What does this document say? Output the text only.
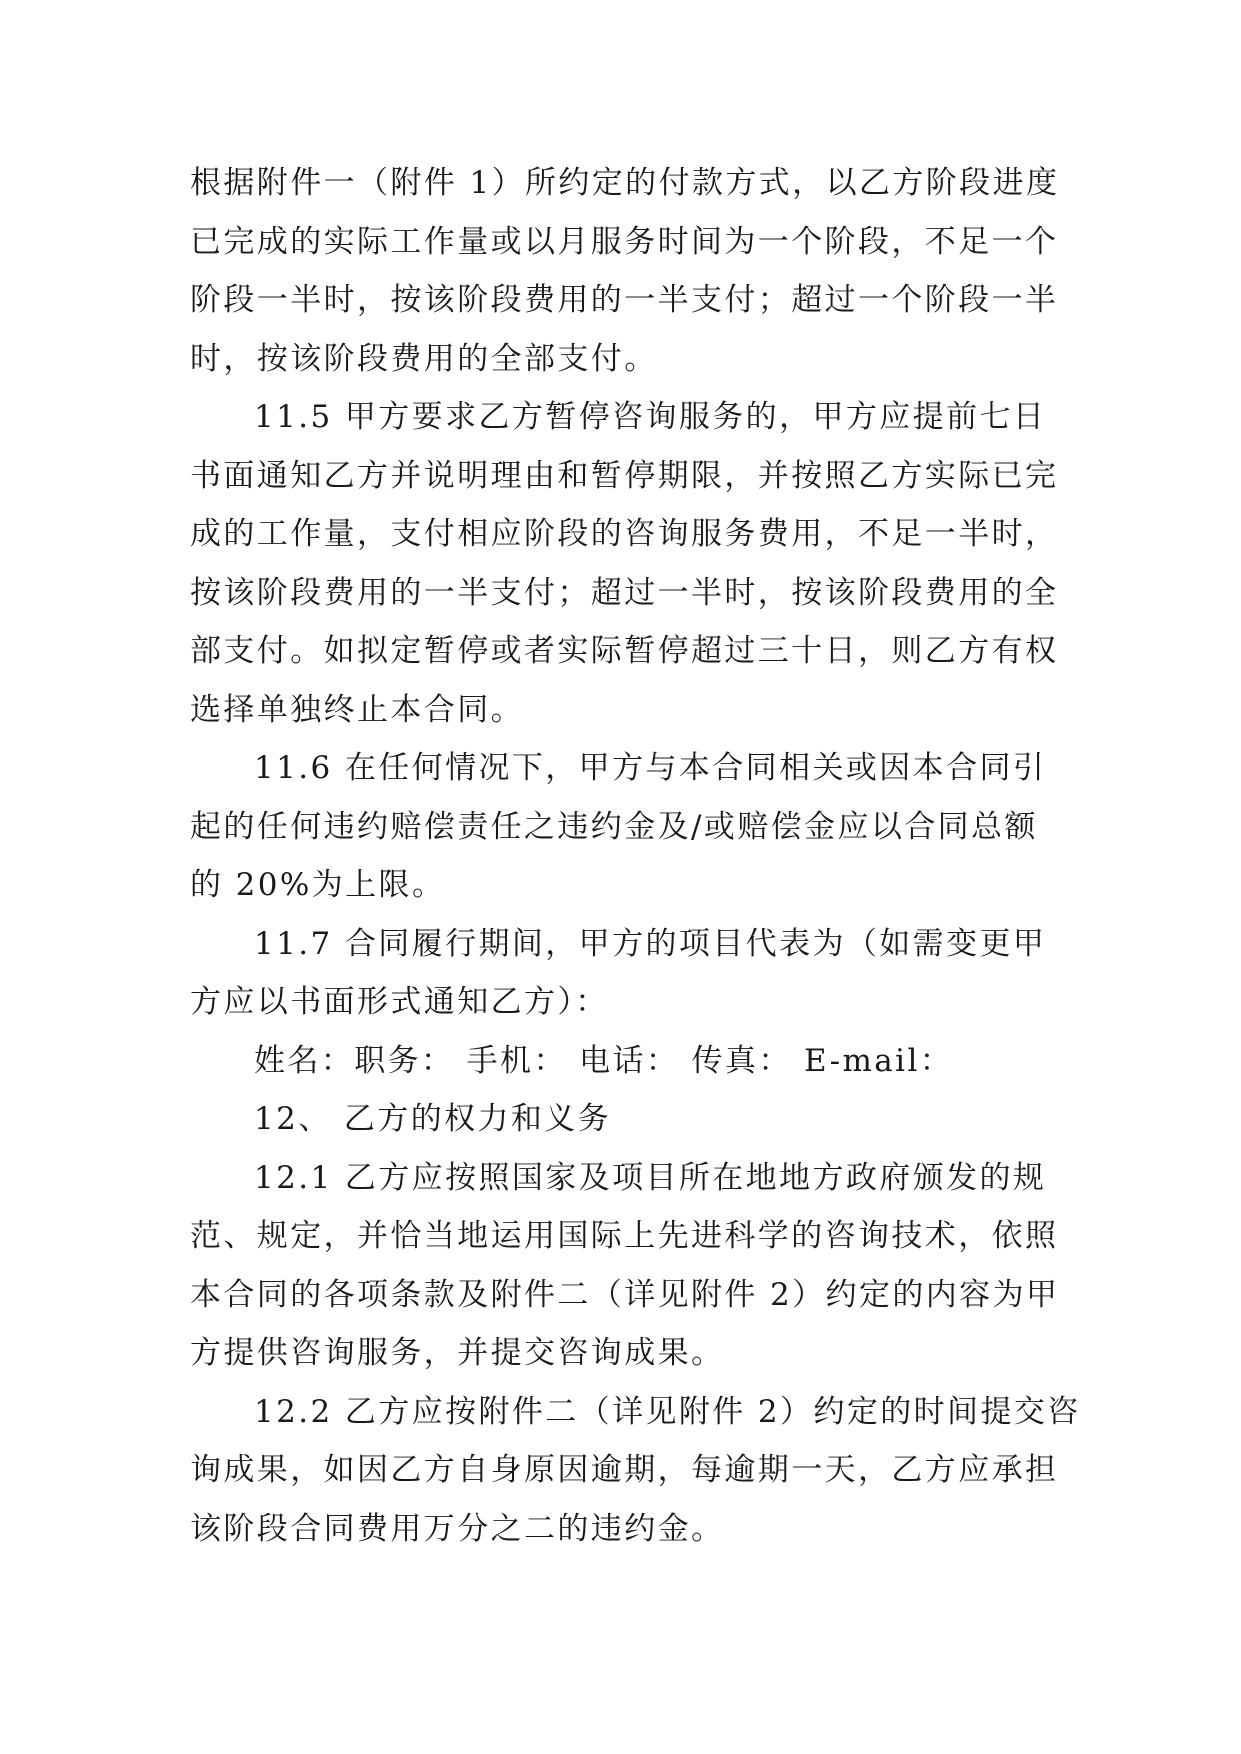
根据附件一（附件 1）所约定的付款方式，以乙方阶段进度
已完成的实际工作量或以月服务时间为一个阶段，不足一个
阶段一半时，按该阶段费用的一半支付；超过一个阶段一半
时，按该阶段费用的全部支付。
11.5 甲方要求乙方暂停咨询服务的，甲方应提前七日
书面通知乙方并说明理由和暂停期限，并按照乙方实际已完
成的工作量，支付相应阶段的咨询服务费用，不足一半时，
按该阶段费用的一半支付；超过一半时，按该阶段费用的全
部支付。如拟定暂停或者实际暂停超过三十日，则乙方有权
选择单独终止本合同。
11.6 在任何情况下，甲方与本合同相关或因本合同引
起的任何违约赔偿责任之违约金及/或赔偿金应以合同总额
的 20%为上限。
11.7 合同履行期间，甲方的项目代表为（如需变更甲
方应以书面形式通知乙方）：
姓名：职务： 手机： 电话： 传真： E-mail：
12、 乙方的权力和义务
12.1 乙方应按照国家及项目所在地地方政府颁发的规
范、规定，并恰当地运用国际上先进科学的咨询技术，依照
本合同的各项条款及附件二（详见附件 2）约定的内容为甲
方提供咨询服务，并提交咨询成果。
12.2 乙方应按附件二（详见附件 2）约定的时间提交咨
询成果，如因乙方自身原因逾期，每逾期一天，乙方应承担
该阶段合同费用万分之二的违约金。
